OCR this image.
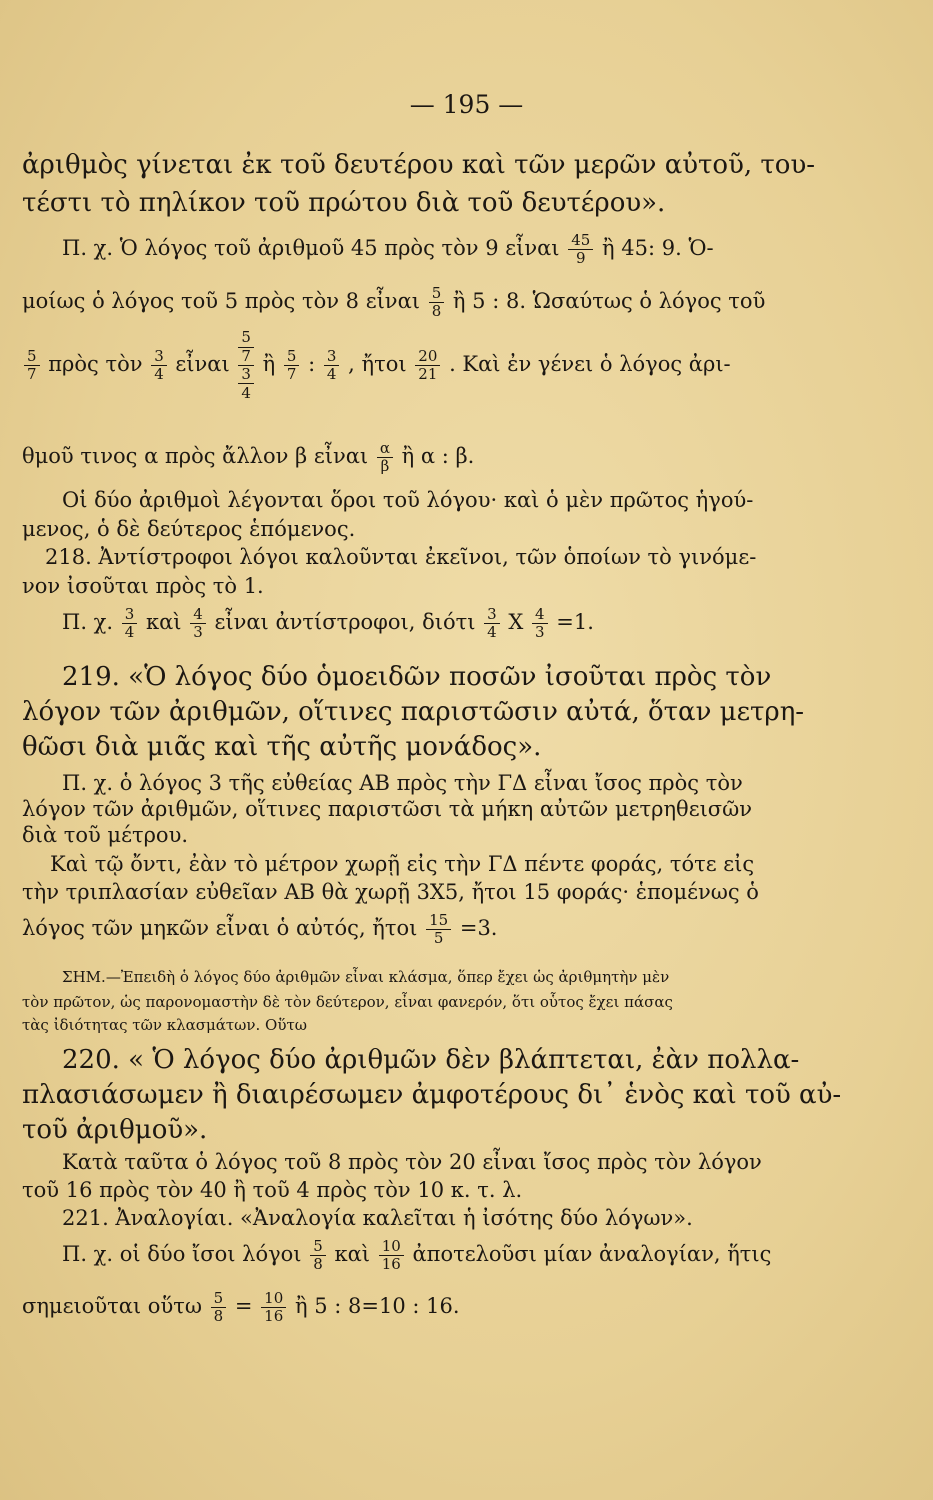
— 195 —
ἀριθμὸς γίνεται ἐκ τοῦ δευτέρου καὶ τῶν μερῶν αὐτοῦ, του-
τέστι τὸ πηλίκον τοῦ πρώτου διὰ τοῦ δευτέρου».
Π. χ. Ὁ λόγος τοῦ ἀριθμοῦ 45 πρὸς τὸν 9 εἶναι $\frac{45}{9}$ ἢ 45: 9. Ὁ-
μοίως ὁ λόγος τοῦ 5 πρὸς τὸν 8 εἶναι $\frac{5}{8}$ ἢ 5 : 8. Ὡσαύτως ὁ λόγος τοῦ
$\frac{5}{7}$ πρὸς τὸν $\frac{3}{4}$ εἶναι
5
$\frac{7}{3}$
4
ἢ $\frac{5}{7}$ : $\frac{3}{4}$ , ἤτοι $\frac{20}{21}$ . Καὶ ἐν γένει ὁ λόγος ἀρι-
θμοῦ τινος α πρὸς ἄλλον β εἶναι $\frac{\alpha}{\beta}$ ἢ α : β.
Οἱ δύο ἀριθμοὶ λέγονται ὅροι τοῦ λόγου· καὶ ὁ μὲν πρῶτος ἡγού-
μενος, ὁ δὲ δεύτερος ἑπόμενος.
218. Ἀντίστροφοι λόγοι καλοῦνται ἐκεῖνοι, τῶν ὁποίων τὸ γινόμε-
νον ἰσοῦται πρὸς τὸ 1.
Π. χ. $\frac{3}{4}$ καὶ $\frac{4}{3}$ εἶναι ἀντίστροφοι, διότι $\frac{3}{4}$ X $\frac{4}{3} =1$.
219. «Ὁ λόγος δύο ὁμοειδῶν ποσῶν ἰσοῦται πρὸς τὸν
λόγον τῶν ἀριθμῶν, οἵτινες παριστῶσιν αὐτά, ὅταν μετρη-
θῶσι διὰ μιᾶς καὶ τῆς αὐτῆς μονάδος».
Π. χ. ὁ λόγος 3 τῆς εὐθείας ΑΒ πρὸς τὴν ΓΔ εἶναι ἴσος πρὸς τὸν
λόγον τῶν ἀριθμῶν, οἵτινες παριστῶσι τὰ μήκη αὐτῶν μετρηθεισῶν
διὰ τοῦ μέτρου.
Καὶ τῷ ὄντι, ἐὰν τὸ μέτρον χωρῇ εἰς τὴν ΓΔ πέντε φοράς, τότε εἰς
τὴν τριπλασίαν εὐθεῖαν ΑΒ θὰ χωρῇ 3X5, ἤτοι 15 φοράς· ἑπομένως ὁ
λόγος τῶν μηκῶν εἶναι ὁ αὐτός, ἤτοι $\frac{15}{5} =3$.
ΣΗΜ.—Ἐπειδὴ ὁ λόγος δύο ἀριθμῶν εἶναι κλάσμα, ὅπερ ἔχει ὡς ἀριθμητὴν μὲν
τὸν πρῶτον, ὡς παρονομαστὴν δὲ τὸν δεύτερον, εἶναι φανερόν, ὅτι οὗτος ἔχει πάσας
τὰς ἰδιότητας τῶν κλασμάτων. Οὕτω
220. « Ὁ λόγος δύο ἀριθμῶν δὲν βλάπτεται, ἐὰν πολλα-
πλασιάσωμεν ἢ διαιρέσωμεν ἀμφοτέρους δι᾽ ἑνὸς καὶ τοῦ αὐ-
τοῦ ἀριθμοῦ».
Κατὰ ταῦτα ὁ λόγος τοῦ 8 πρὸς τὸν 20 εἶναι ἴσος πρὸς τὸν λόγον
τοῦ 16 πρὸς τὸν 40 ἢ τοῦ 4 πρὸς τὸν 10 κ. τ. λ.
221. Ἀναλογίαι. «Ἀναλογία καλεῖται ἡ ἰσότης δύο λόγων».
Π. χ. οἱ δύο ἴσοι λόγοι $\frac{5}{8}$ καὶ $\frac{10}{16}$ ἀποτελοῦσι μίαν ἀναλογίαν, ἥτις
σημειοῦται οὕτω $\frac{5}{8} = \frac{10}{16}$ ἢ 5 : 8=10 : 16.
